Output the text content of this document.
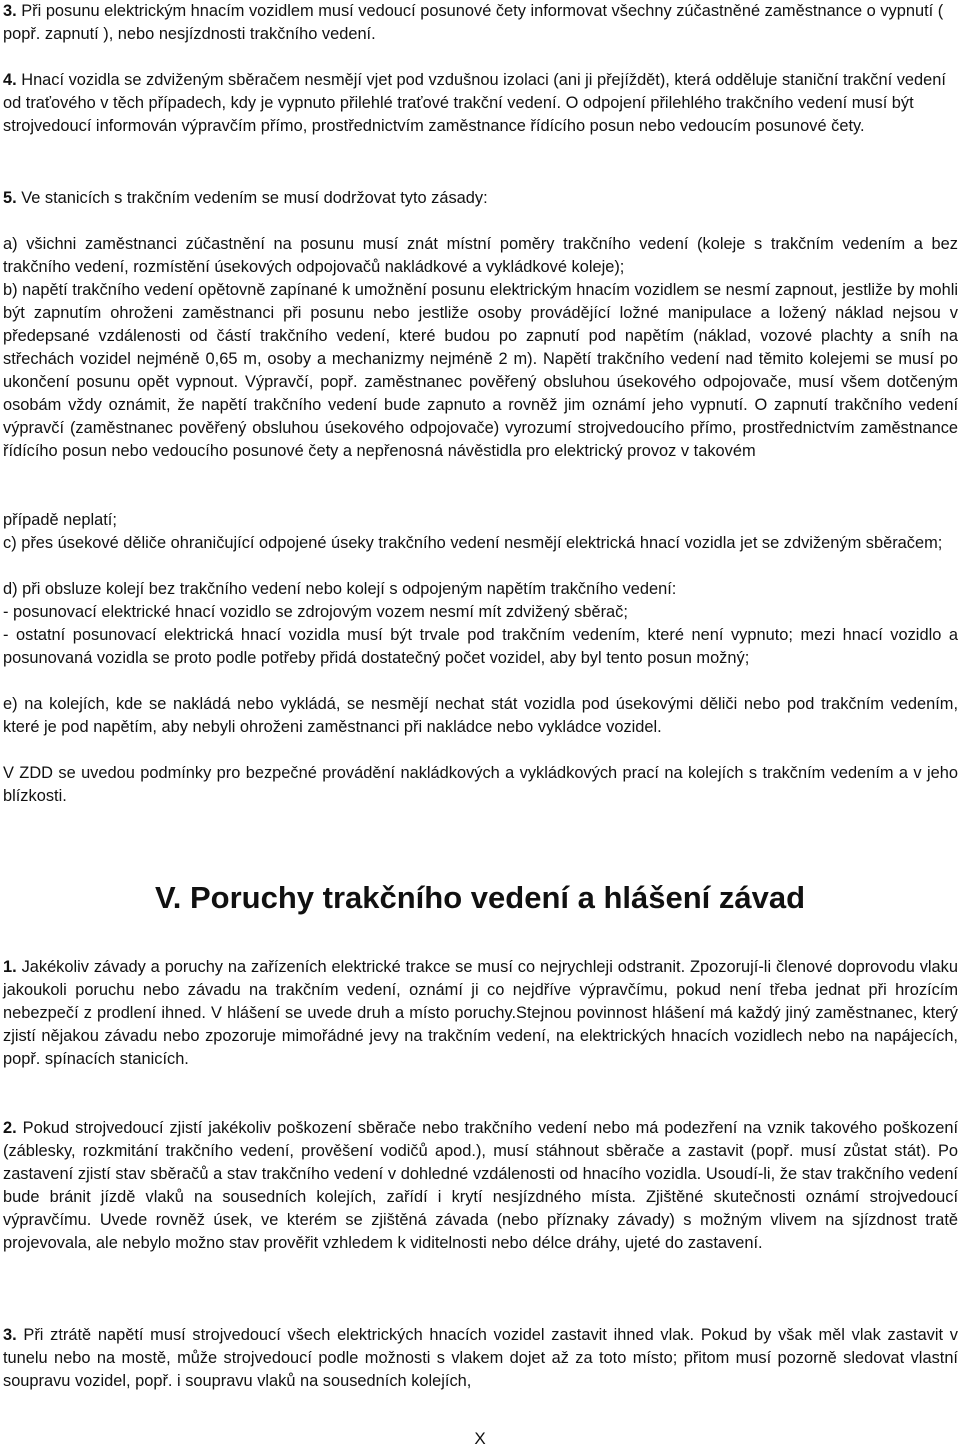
3. Při posunu elektrickým hnacím vozidlem musí vedoucí posunové čety informovat všechny zúčastněné zaměstnance o vypnutí ( popř. zapnutí ), nebo nesjízdnosti trakčního vedení.

4. Hnací vozidla se zdviženým sběračem nesmějí vjet pod vzdušnou izolaci (ani ji přejíždět), která odděluje staniční trakční vedení od traťového v těch případech, kdy je vypnuto přilehlé traťové trakční vedení. O odpojení přilehlého trakčního vedení musí být strojvedoucí informován výpravčím přímo, prostřednictvím zaměstnance řídícího posun nebo vedoucím posunové čety.

5. Ve stanicích s trakčním vedením se musí dodržovat tyto zásady:

a) všichni zaměstnanci zúčastnění na posunu musí znát místní poměry trakčního vedení (koleje s trakčním vedením a bez trakčního vedení, rozmístění úsekových odpojovačů nakládkové a vykládkové koleje);

b) napětí trakčního vedení opětovně zapínané k umožnění posunu elektrickým hnacím vozidlem se nesmí zapnout, jestliže by mohli být zapnutím ohroženi zaměstnanci při posunu nebo jestliže osoby provádějící ložné manipulace a ložený náklad nejsou v předepsané vzdálenosti od částí trakčního vedení, které budou po zapnutí pod napětím (náklad, vozové plachty a sníh na střechách vozidel nejméně 0,65 m, osoby a mechanizmy nejméně 2 m). Napětí trakčního vedení nad těmito kolejemi se musí po ukončení posunu opět vypnout. Výpravčí, popř. zaměstnanec pověřený obsluhou úsekového odpojovače, musí všem dotčeným osobám vždy oznámit, že napětí trakčního vedení bude zapnuto a rovněž jim oznámí jeho vypnutí. O zapnutí trakčního vedení výpravčí (zaměstnanec pověřený obsluhou úsekového odpojovače) vyrozumí strojvedoucího přímo, prostřednictvím zaměstnance řídícího posun nebo vedoucího posunové čety a nepřenosná návěstidla pro elektrický provoz v takovém

případě neplatí;

c) přes úsekové děliče ohraničující odpojené úseky trakčního vedení nesmějí elektrická hnací vozidla jet se zdviženým sběračem;

d) při obsluze kolejí bez trakčního vedení nebo kolejí s odpojeným napětím trakčního vedení:

- posunovací elektrické hnací vozidlo se zdrojovým vozem nesmí mít zdvižený sběrač;

- ostatní posunovací elektrická hnací vozidla musí být trvale pod trakčním vedením, které není vypnuto; mezi hnací vozidlo a posunovaná vozidla se proto podle potřeby přidá dostatečný počet vozidel, aby byl tento posun možný;

e) na kolejích, kde se nakládá nebo vykládá, se nesmějí nechat stát vozidla pod úsekovými děliči nebo pod trakčním vedením, které je pod napětím, aby nebyli ohroženi zaměstnanci při nakládce nebo vykládce vozidel.

V ZDD se uvedou podmínky pro bezpečné provádění nakládkových a vykládkových prací na kolejích s trakčním vedením a v jeho blízkosti.

V. Poruchy trakčního vedení a hlášení závad

1. Jakékoliv závady a poruchy na zařízeních elektrické trakce se musí co nejrychleji odstranit. Zpozorují-li členové doprovodu vlaku jakoukoli poruchu nebo závadu na trakčním vedení, oznámí ji co nejdříve výpravčímu, pokud není třeba jednat při hrozícím nebezpečí z prodlení ihned. V hlášení se uvede druh a místo poruchy.Stejnou povinnost hlášení má každý jiný zaměstnanec, který zjistí nějakou závadu nebo zpozoruje mimořádné jevy na trakčním vedení, na elektrických hnacích vozidlech nebo na napájecích, popř. spínacích stanicích.

2. Pokud strojvedoucí zjistí jakékoliv poškození sběrače nebo trakčního vedení nebo má podezření na vznik takového poškození (záblesky, rozkmitání trakčního vedení, prověšení vodičů apod.), musí stáhnout sběrače a zastavit (popř. musí zůstat stát). Po zastavení zjistí stav sběračů a stav trakčního vedení v dohledné vzdálenosti od hnacího vozidla. Usoudí-li, že stav trakčního vedení bude bránit jízdě vlaků na sousedních kolejích, zařídí i krytí nesjízdného místa. Zjištěné skutečnosti oznámí strojvedoucí výpravčímu. Uvede rovněž úsek, ve kterém se zjištěná závada (nebo příznaky závady) s možným vlivem na sjízdnost tratě projevovala, ale nebylo možno stav prověřit vzhledem k viditelnosti nebo délce dráhy, ujeté do zastavení.

3. Při ztrátě napětí musí strojvedoucí všech elektrických hnacích vozidel zastavit ihned vlak. Pokud by však měl vlak zastavit v tunelu nebo na mostě, může strojvedoucí podle možnosti s vlakem dojet až za toto místo; přitom musí pozorně sledovat vlastní soupravu vozidel, popř. i soupravu vlaků na sousedních kolejích,

X
